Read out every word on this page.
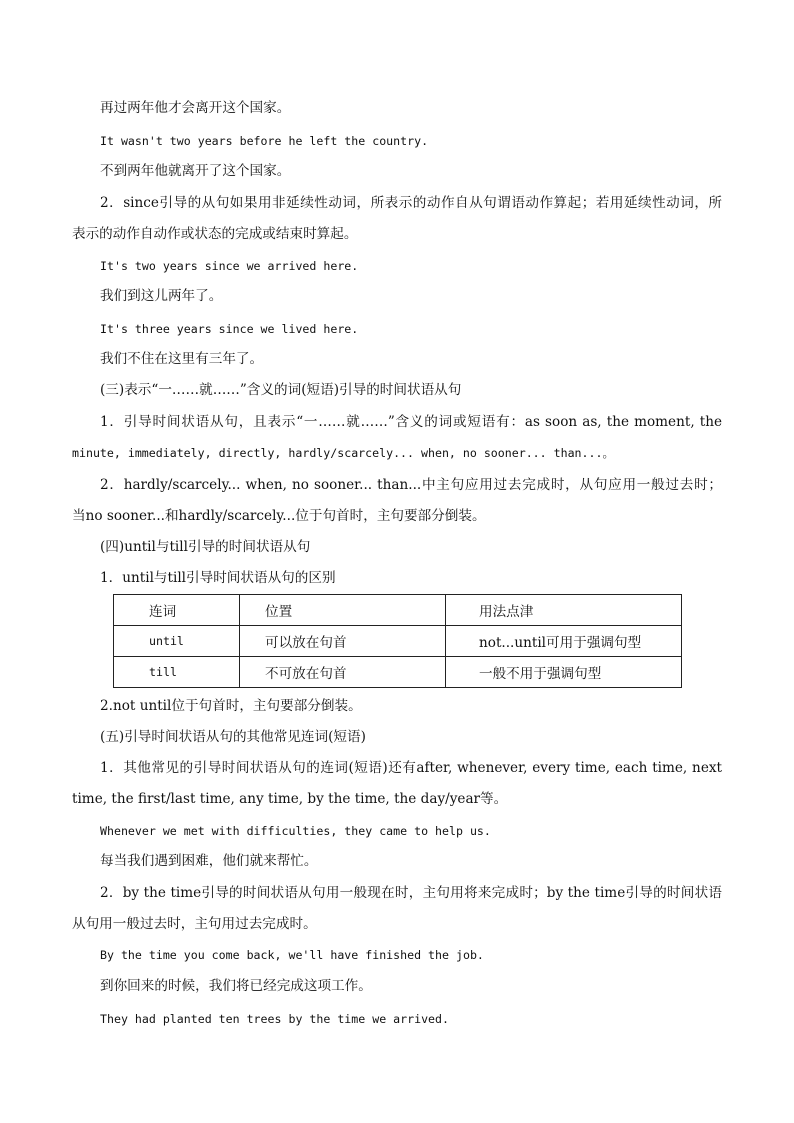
再过两年他才会离开这个国家。
It wasn't two years before he left the country.
不到两年他就离开了这个国家。
2．since引导的从句如果用非延续性动词，所表示的动作自从句谓语动作算起；若用延续性动词，所
表示的动作自动作或状态的完成或结束时算起。
It's two years since we arrived here.
我们到这儿两年了。
It's three years since we lived here.
我们不住在这里有三年了。
(三)表示“一……就……”含义的词(短语)引导的时间状语从句
1．引导时间状语从句，且表示“一……就……”含义的词或短语有：as soon as, the moment, the
minute, immediately, directly, hardly/scarcely... when, no sooner... than...。
2．hardly/scarcely... when, no sooner... than...中主句应用过去完成时，从句应用一般过去时；
当no sooner...和hardly/scarcely...位于句首时，主句要部分倒装。
(四)until与till引导的时间状语从句
1．until与till引导时间状语从句的区别
连词	位置	用法点津
until	可以放在句首	not...until可用于强调句型
till	不可放在句首	一般不用于强调句型
2.not until位于句首时，主句要部分倒装。
(五)引导时间状语从句的其他常见连词(短语)
1．其他常见的引导时间状语从句的连词(短语)还有after, whenever, every time, each time, next
time, the first/last time, any time, by the time, the day/year等。
Whenever we met with difficulties, they came to help us.
每当我们遇到困难，他们就来帮忙。
2．by the time引导的时间状语从句用一般现在时，主句用将来完成时；by the time引导的时间状语
从句用一般过去时，主句用过去完成时。
By the time you come back, we'll have finished the job.
到你回来的时候，我们将已经完成这项工作。
They had planted ten trees by the time we arrived.
